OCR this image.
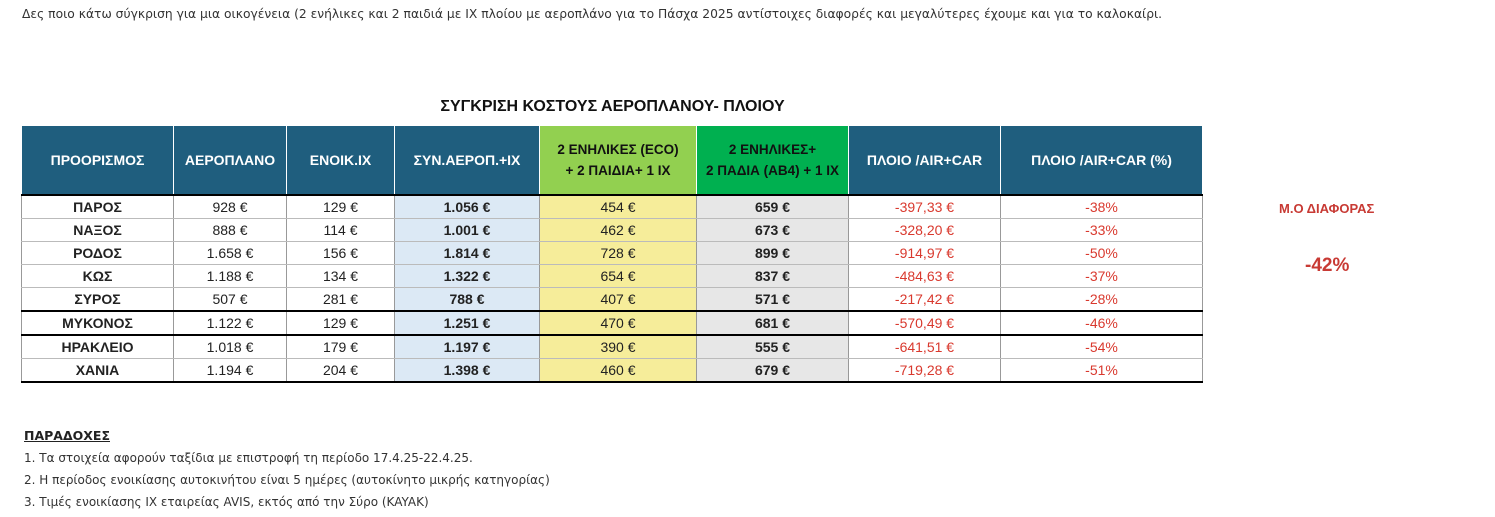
Δες ποιο κάτω σύγκριση για μια οικογένεια (2 ενήλικες και 2 παιδιά με ΙΧ πλοίου με αεροπλάνο για το Πάσχα 2025 αντίστοιχες διαφορές και μεγαλύτερες έχουμε και για το καλοκαίρι.
ΣΥΓΚΡΙΣΗ ΚΟΣΤΟΥΣ ΑΕΡΟΠΛΑΝΟΥ- ΠΛΟΙΟΥ
ΠΡΟΟΡΙΣΜΟΣ	ΑΕΡΟΠΛΑΝΟ	ΕΝΟΙΚ.ΙΧ	ΣΥΝ.ΑΕΡΟΠ.+ΙΧ	2 ΕΝΗΛΙΚΕΣ (ECO)
+ 2 ΠΑΙΔΙΑ+ 1 ΙΧ	2 ΕΝΗΛΙΚΕΣ+
2 ΠΑΔΙΑ (ΑΒ4) + 1 ΙΧ	ΠΛΟΙΟ /AIR+CAR	ΠΛΟΙΟ /AIR+CAR (%)
ΠΑΡΟΣ	928 €	129 €	1.056 €	454 €	659 €	-397,33 €	-38%
ΝΑΞΟΣ	888 €	114 €	1.001 €	462 €	673 €	-328,20 €	-33%
ΡΟΔΟΣ	1.658 €	156 €	1.814 €	728 €	899 €	-914,97 €	-50%
ΚΩΣ	1.188 €	134 €	1.322 €	654 €	837 €	-484,63 €	-37%
ΣΥΡΟΣ	507 €	281 €	788 €	407 €	571 €	-217,42 €	-28%
ΜΥΚΟΝΟΣ	1.122 €	129 €	1.251 €	470 €	681 €	-570,49 €	-46%
ΗΡΑΚΛΕΙΟ	1.018 €	179 €	1.197 €	390 €	555 €	-641,51 €	-54%
ΧΑΝΙΑ	1.194 €	204 €	1.398 €	460 €	679 €	-719,28 €	-51%
Μ.Ο ΔΙΑΦΟΡΑΣ
-42%
ΠΑΡΑΔΟΧΕΣ
1. Τα στοιχεία αφορούν ταξίδια με επιστροφή τη περίοδο 17.4.25-22.4.25.
2. Η περίοδος ενοικίασης αυτοκινήτου είναι 5 ημέρες (αυτοκίνητο μικρής κατηγορίας)
3. Τιμές ενοικίασης ΙΧ εταιρείας AVIS, εκτός από την Σύρο (KAYAK)
